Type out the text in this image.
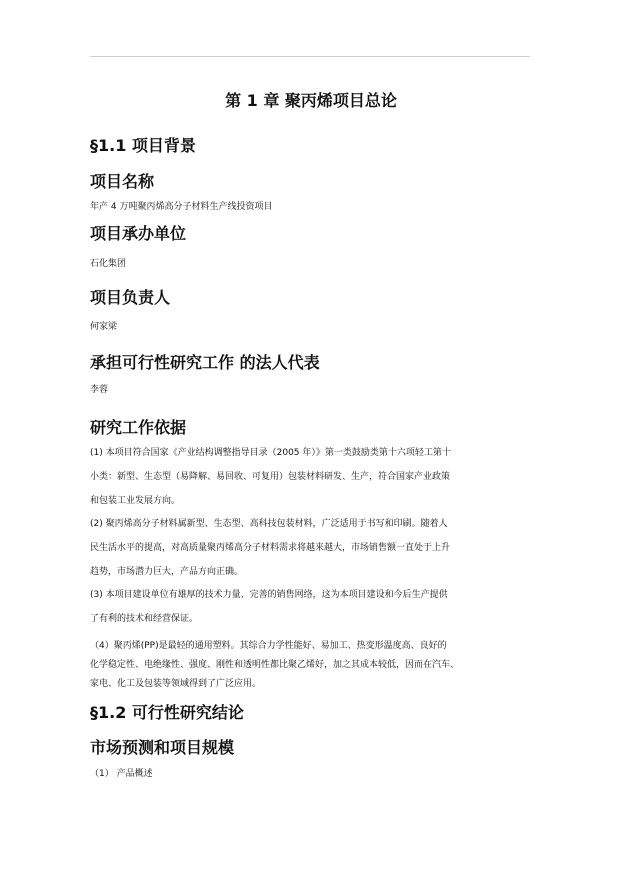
第 1 章 聚丙烯项目总论
§1.1 项目背景
项目名称

年产 4 万吨聚丙烯高分子材料生产线投资项目

项目承办单位

石化集团

项目负责人

何家梁

承担可行性研究工作 的法人代表

李蓉

研究工作依据

(1) 本项目符合国家《产业结构调整指导目录（2005 年）》第一类鼓励类第十六项轻工第十
小类：新型、生态型（易降解、易回收、可复用）包装材料研发、生产，符合国家产业政策
和包装工业发展方向。

(2) 聚丙烯高分子材料属新型、生态型、高科技包装材料，广泛适用于书写和印刷。随着人
民生活水平的提高，对高质量聚丙烯高分子材料需求将越来越大，市场销售额一直处于上升
趋势，市场潜力巨大，产品方向正确。

(3) 本项目建设单位有雄厚的技术力量、完善的销售网络，这为本项目建设和今后生产提供
了有利的技术和经营保证。

（4）聚丙烯(PP)是最轻的通用塑料。其综合力学性能好、易加工、热变形温度高、良好的
化学稳定性、电绝缘性、强度、刚性和透明性都比聚乙烯好，加之其成本较低，因而在汽车、
家电、化工及包装等领域得到了广泛应用。

§1.2 可行性研究结论
市场预测和项目规模

（1） 产品概述
